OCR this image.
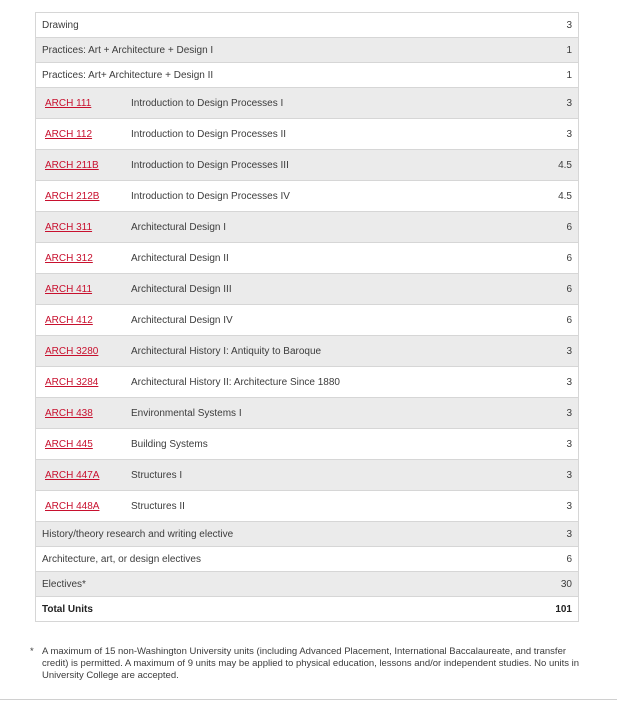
Drawing	3
Practices: Art + Architecture + Design I	1
Practices: Art+ Architecture + Design II	1
ARCH 111	Introduction to Design Processes I	3
ARCH 112	Introduction to Design Processes II	3
ARCH 211B	Introduction to Design Processes III	4.5
ARCH 212B	Introduction to Design Processes IV	4.5
ARCH 311	Architectural Design I	6
ARCH 312	Architectural Design II	6
ARCH 411	Architectural Design III	6
ARCH 412	Architectural Design IV	6
ARCH 3280	Architectural History I: Antiquity to Baroque	3
ARCH 3284	Architectural History II: Architecture Since 1880	3
ARCH 438	Environmental Systems I	3
ARCH 445	Building Systems	3
ARCH 447A	Structures I	3
ARCH 448A	Structures II	3
History/theory research and writing elective	3
Architecture, art, or design electives	6
Electives*	30
Total Units	101
* A maximum of 15 non-Washington University units (including Advanced Placement, International Baccalaureate, and transfer credit) is permitted. A maximum of 9 units may be applied to physical education, lessons and/or independent studies. No units in University College are accepted.
